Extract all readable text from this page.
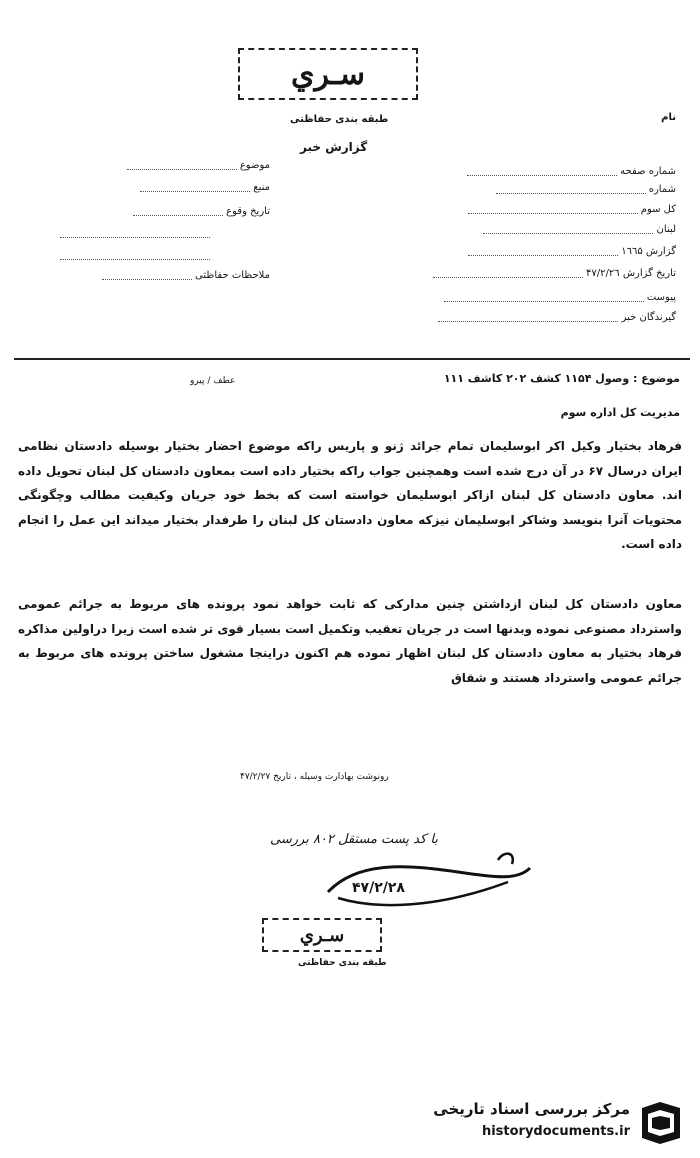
سـري
طبقه بندی حفاظتی	نام
گزارش خبر
شماره صفحه
شماره
کل سوم
لبنان
گزارش ۱٦٦۵
تاریخ گزارش ۴۷/۲/۲٦
پیوست
گیرندگان خبر
موضوع
منبع
تاریخ وقوع
ملاحظات حفاظتی
موضوع : وصول ۱۱۵۴ کشف ۲۰۲ کاشف ۱۱۱
عطف / پیرو
مدیریت کل اداره سوم
فرهاد بختیار وکیل اکر ابوسلیمان تمام جرائد ژنو و پاریس راکه موضوع احضار بختیار بوسیله دادستان نظامی ایران درسال ۶۷ در آن درج شده است وهمچنین جواب راکه بختیار داده است بمعاون دادستان کل لبنان تحویل داده اند. معاون دادستان کل لبنان ازاکر ابوسلیمان خواسته است که بخط خود جریان وکیفیت مطالب وچگونگی محتویات آنرا بنویسد وشاکر ابوسلیمان نیزکه معاون دادستان کل لبنان را طرفدار بختیار میداند این عمل را انجام داده است.
معاون دادستان کل لبنان ازداشتن چنین مدارکی که ثابت خواهد نمود پرونده های مربوط به جرائم عمومی واسترداد مصنوعی نموده وبدنها است در جریان تعقیب وتکمیل است بسیار قوی تر شده است زیرا دراولین مذاکره فرهاد بختیار به معاون دادستان کل لبنان اظهار نموده هم اکنون دراینجا مشغول ساختن پرونده های مربوط به جرائم عمومی واسترداد هستند و شقاق
رونوشت بهادارت وسیله ، تاریخ ۴۷/۲/۲۷
با کد پست مستقل ۸۰۲ بررسی
۴۷/۲/۲۸
سـري
طبقه بندی حفاظتی
مرکز بررسی اسناد تاریخی
historydocuments.ir
